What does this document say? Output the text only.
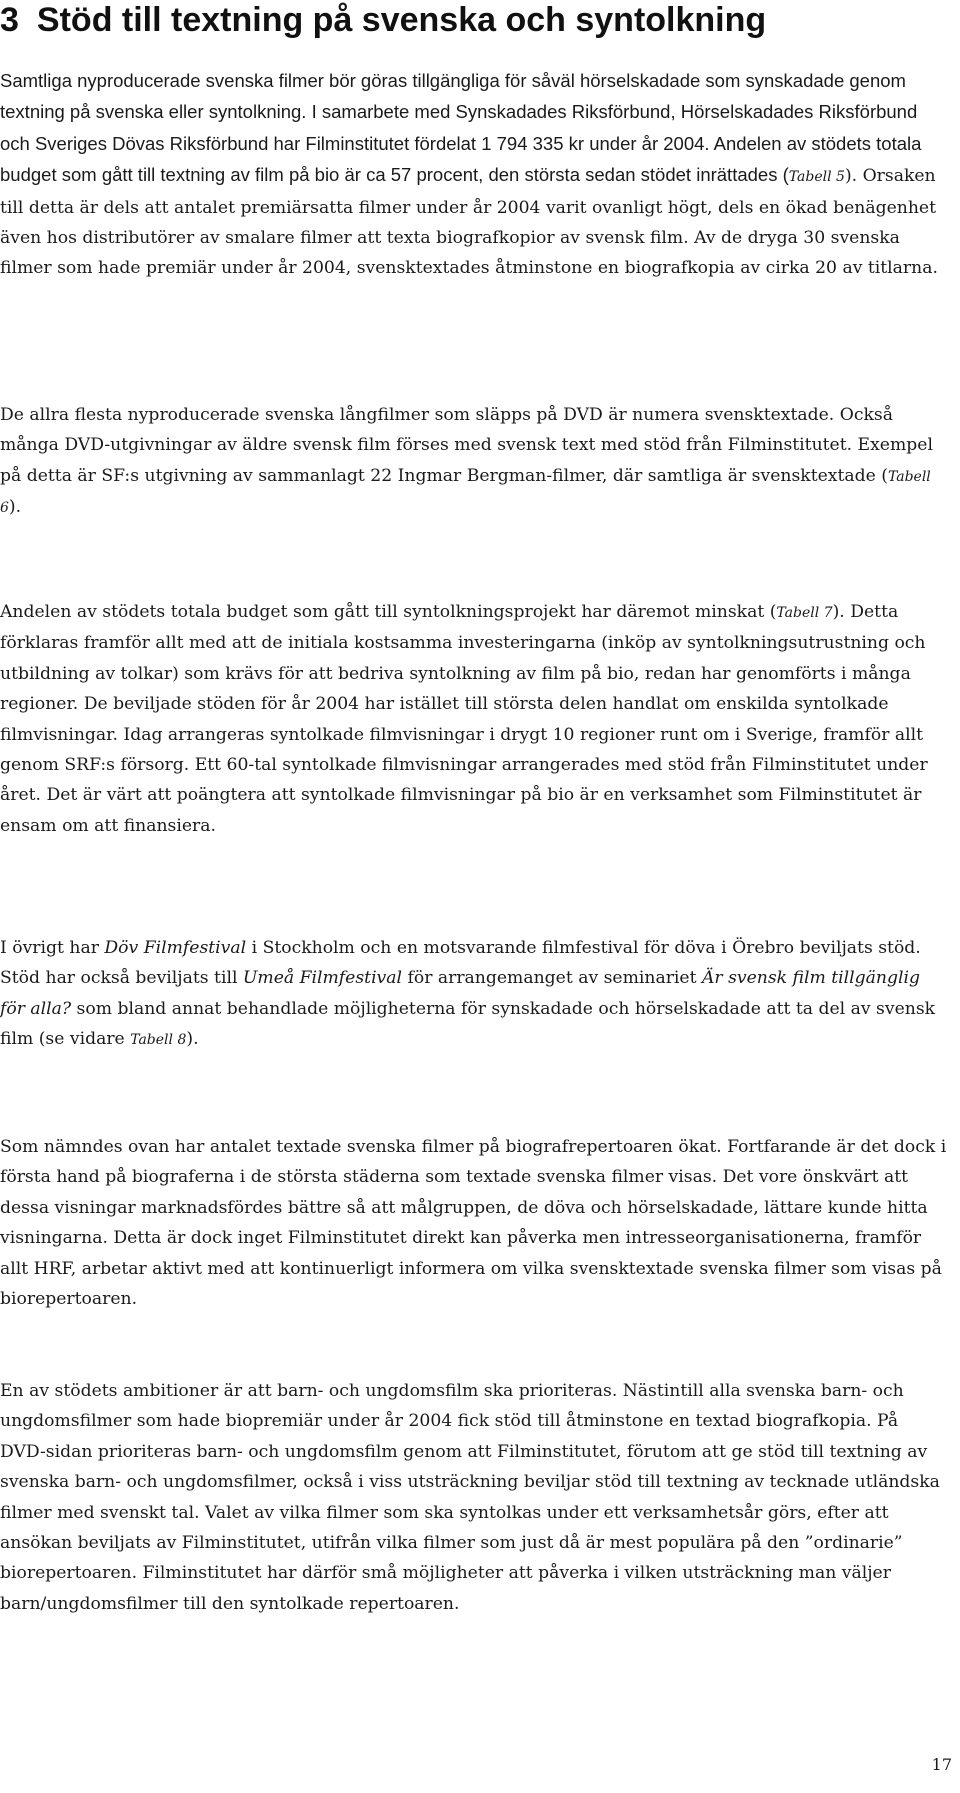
3 Stöd till textning på svenska och syntolkning

Samtliga nyproducerade svenska filmer bör göras tillgängliga för såväl hörselskadade som synskadade genom textning på svenska eller syntolkning. I samarbete med Synskadades Riksförbund, Hörselskadades Riksförbund och Sveriges Dövas Riksförbund har Filminstitutet fördelat 1 794 335 kr under år 2004. Andelen av stödets totala budget som gått till textning av film på bio är ca 57 procent, den största sedan stödet inrättades (Tabell 5). Orsaken till detta är dels att antalet premiärsatta filmer under år 2004 varit ovanligt högt, dels en ökad benägenhet även hos distributörer av smalare filmer att texta biografkopior av svensk film. Av de dryga 30 svenska filmer som hade premiär under år 2004, svensktextades åtminstone en biografkopia av cirka 20 av titlarna.

De allra flesta nyproducerade svenska långfilmer som släpps på DVD är numera svensktextade. Också många DVD-utgivningar av äldre svensk film förses med svensk text med stöd från Filminstitutet. Exempel på detta är SF:s utgivning av sammanlagt 22 Ingmar Bergman-filmer, där samtliga är svensktextade (Tabell 6).

Andelen av stödets totala budget som gått till syntolkningsprojekt har däremot minskat (Tabell 7). Detta förklaras framför allt med att de initiala kostsamma investeringarna (inköp av syntolkningsutrustning och utbildning av tolkar) som krävs för att bedriva syntolkning av film på bio, redan har genomförts i många regioner. De beviljade stöden för år 2004 har istället till största delen handlat om enskilda syntolkade filmvisningar. Idag arrangeras syntolkade filmvisningar i drygt 10 regioner runt om i Sverige, framför allt genom SRF:s försorg. Ett 60-tal syntolkade filmvisningar arrangerades med stöd från Filminstitutet under året. Det är värt att poängtera att syntolkade filmvisningar på bio är en verksamhet som Filminstitutet är ensam om att finansiera.

I övrigt har Döv Filmfestival i Stockholm och en motsvarande filmfestival för döva i Örebro beviljats stöd. Stöd har också beviljats till Umeå Filmfestival för arrangemanget av seminariet Är svensk film tillgänglig för alla? som bland annat behandlade möjligheterna för synskadade och hörselskadade att ta del av svensk film (se vidare Tabell 8).

Som nämndes ovan har antalet textade svenska filmer på biografrepertoaren ökat. Fortfarande är det dock i första hand på biograferna i de största städerna som textade svenska filmer visas. Det vore önskvärt att dessa visningar marknadsfördes bättre så att målgruppen, de döva och hörselskadade, lättare kunde hitta visningarna. Detta är dock inget Filminstitutet direkt kan påverka men intresseorganisationerna, framför allt HRF, arbetar aktivt med att kontinuerligt informera om vilka svensktextade svenska filmer som visas på biorepertoaren.

En av stödets ambitioner är att barn- och ungdomsfilm ska prioriteras. Nästintill alla svenska barn- och ungdomsfilmer som hade biopremiär under år 2004 fick stöd till åtminstone en textad biografkopia. På DVD-sidan prioriteras barn- och ungdomsfilm genom att Filminstitutet, förutom att ge stöd till textning av svenska barn- och ungdomsfilmer, också i viss utsträckning beviljar stöd till textning av tecknade utländska filmer med svenskt tal. Valet av vilka filmer som ska syntolkas under ett verksamhetsår görs, efter att ansökan beviljats av Filminstitutet, utifrån vilka filmer som just då är mest populära på den ”ordinarie” biorepertoaren. Filminstitutet har därför små möjligheter att påverka i vilken utsträckning man väljer barn/ungdomsfilmer till den syntolkade repertoaren.

17
